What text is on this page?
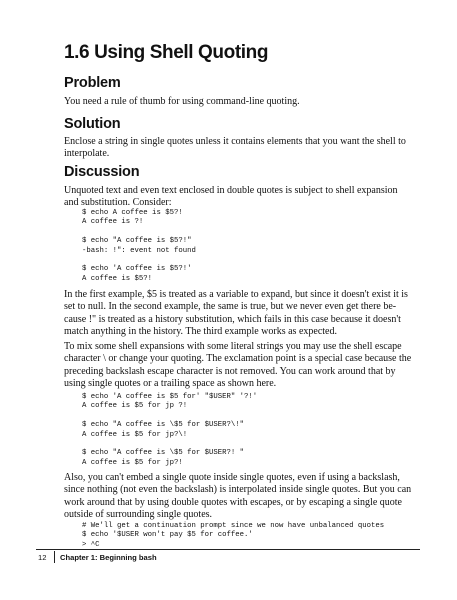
1.6 Using Shell Quoting
Problem
You need a rule of thumb for using command-line quoting.
Solution
Enclose a string in single quotes unless it contains elements that you want the shell to
interpolate.
Discussion
Unquoted text and even text enclosed in double quotes is subject to shell expansion
and substitution. Consider:
$ echo A coffee is $5?!
A coffee is ?!
$ echo "A coffee is $5?!"
-bash: !": event not found
$ echo 'A coffee is $5?!'
A coffee is $5?!
In the first example, $5 is treated as a variable to expand, but since it doesn't exist it is
set to null. In the second example, the same is true, but we never even get there be-
cause !" is treated as a history substitution, which fails in this case because it doesn't
match anything in the history. The third example works as expected.
To mix some shell expansions with some literal strings you may use the shell escape
character \ or change your quoting. The exclamation point is a special case because the
preceding backslash escape character is not removed. You can work around that by
using single quotes or a trailing space as shown here.
$ echo 'A coffee is $5 for' "$USER" '?!'
A coffee is $5 for jp ?!
$ echo "A coffee is \$5 for $USER?\!"
A coffee is $5 for jp?\!
$ echo "A coffee is \$5 for $USER?! "
A coffee is $5 for jp?!
Also, you can't embed a single quote inside single quotes, even if using a backslash,
since nothing (not even the backslash) is interpolated inside single quotes. But you can
work around that by using double quotes with escapes, or by escaping a single quote
outside of surrounding single quotes.
# We'll get a continuation prompt since we now have unbalanced quotes
$ echo '$USER won't pay $5 for coffee.'
> ^C
12 Chapter 1: Beginning bash
